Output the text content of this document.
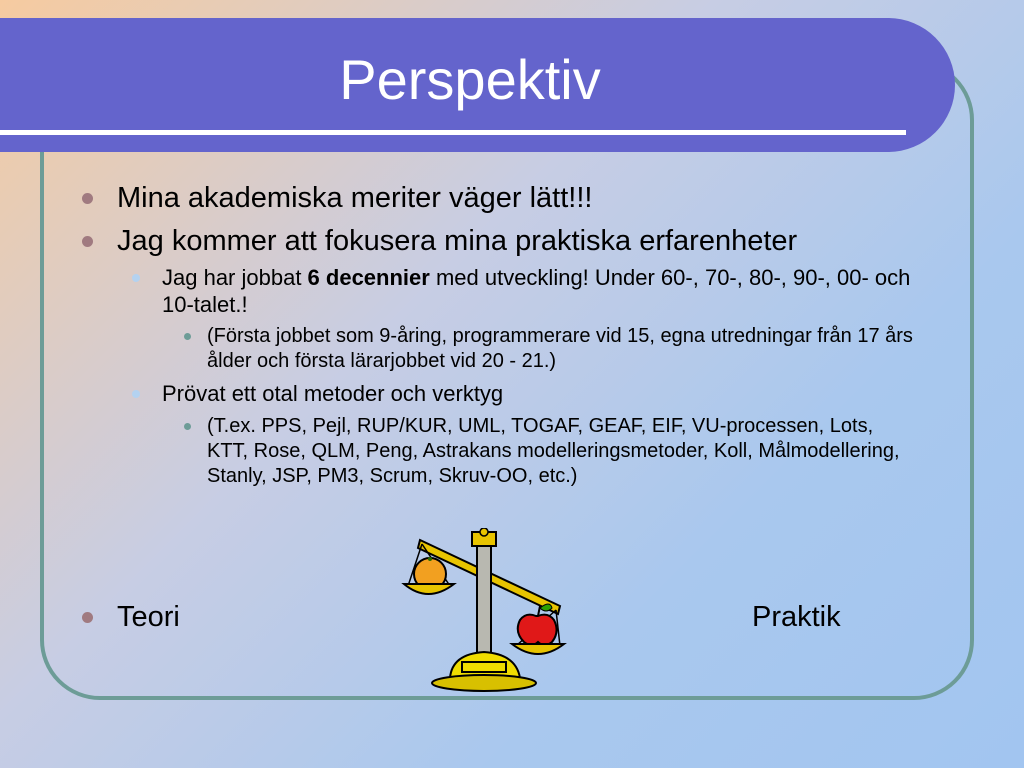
Perspektiv
Mina akademiska meriter väger lätt!!!
Jag kommer att fokusera mina praktiska erfarenheter
Jag har jobbat 6 decennier med utveckling! Under 60-, 70-, 80-, 90-, 00- och 10-talet.!
(Första jobbet som 9-åring, programmerare vid 15, egna utredningar från 17 års ålder och första lärarjobbet vid 20 - 21.)
Prövat ett otal metoder och verktyg
(T.ex. PPS, Pejl, RUP/KUR, UML, TOGAF, GEAF, EIF, VU-processen, Lots, KTT, Rose, QLM, Peng, Astrakans modelleringsmetoder, Koll, Målmodellering, Stanly, JSP, PM3, Scrum, Skruv-OO, etc.)
Teori	Praktik
